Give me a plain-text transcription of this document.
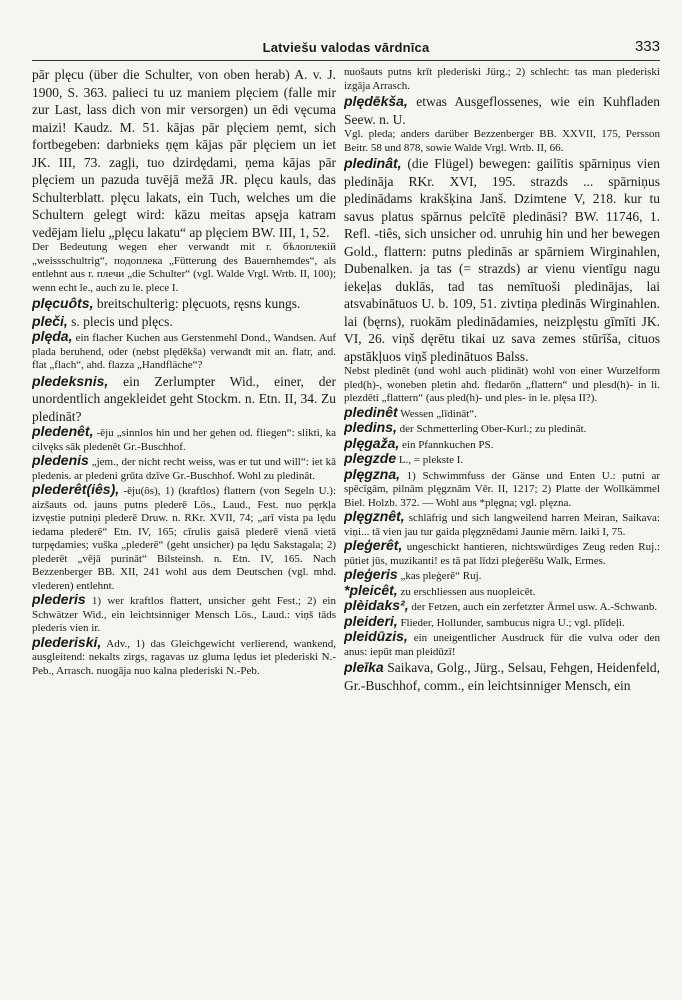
Latviešu valodas vārdnīca	333

pār plęcu (über die Schulter, von oben herab) A. v. J. 1900, S. 363. palieci tu uz maniem plęciem (falle mir zur Last, lass dich von mir versorgen) un ēdi vęcuma maizi! Kaudz. M. 51. kājas pār plęciem ņemt, sich fortbegeben: darbnieks ņęm kājas pār plęciem un iet JK. III, 73. zagļi, tuo dzirdędami, ņema kājas pār plęciem un pazuda tuvējā mežā JR. plęcu kauls, das Schulterblatt. plęcu lakats, ein Tuch, welches um die Schultern gelegt wird: kāzu meitas apsęja katram vedējam lielu „plęcu lakatu“ ap plęciem BW. III, 1, 52.

Der Bedeutung wegen eher verwandt mit r. бѣлоплекій „weissschultrig“, подоплека „Fütterung des Bauernhemdes“, als entlehnt aus r. плечи „die Schulter“ (vgl. Walde Vrgl. Wrtb. II, 100); wenn echt le., auch zu le. plece I.

plęcuôts, breitschulterig: plęcuots, ręsns kungs.

pleči, s. plecis und plęcs.

plęda, ein flacher Kuchen aus Gerstenmehl Dond., Wandsen. Auf plada beruhend, oder (nebst plędēkša) verwandt mit an. flatr, and. flat „flach“, ahd. flazza „Handfläche“?

pledeksnis, ein Zerlumpter Wid., einer, der unordentlich angekleidet geht Stockm. n. Etn. II, 34. Zu pledināt?

pledenêt, -ēju „sinnlos hin und her gehen od. fliegen“: slikti, ka cilvęks sāk pledenēt Gr.-Buschhof.

pledenis „jem., der nicht recht weiss, was er tut und will“: iet kā pledenis. ar pledeni grūta dzīve Gr.-Buschhof. Wohl zu pledināt.

plederêt(iês), -ēju(ôs), 1) (kraftlos) flattern (von Segeln U.): aizšauts od. jauns putns plederē Lös., Laud., Fest. nuo pęrkļa izvęstie putniņi plederē Druw. n. RKr. XVII, 74; „arī vista pa lędu iedama plederē“ Etn. IV, 165; cīrulis gaisā plederē vienā vietā turpędamies; vuška „plederē“ (geht unsicher) pa lędu Sakstagala; 2) plederēt „vējā purināt“ Bilsteinsh. n. Etn. IV, 165. Nach Bezzenberger BB. XII, 241 wohl aus dem Deutschen (vgl. mhd. vlederen) entlehnt.

plederis 1) wer kraftlos flattert, unsicher geht Fest.; 2) ein Schwätzer Wid., ein leichtsinniger Mensch Lös., Laud.: viņš tāds plederis vien ir.

plederiski, Adv., 1) das Gleichgewicht verlierend, wankend, ausgleitend: nekalts zirgs, ragavas uz gluma lędus iet plederiski N.-Peb., Arrasch. nuogāja nuo kalna plederiski N.-Peb.

nuošauts putns krīt plederiski Jürg.; 2) schlecht: tas man plederiski izgāja Arrasch.

plędēkša, etwas Ausgeflossenes, wie ein Kuhfladen Seew. n. U.

Vgl. pleda; anders darüber Bezzenberger BB. XXVII, 175, Persson Beitr. 58 und 878, sowie Walde Vrgl. Wrtb. II, 66.

pledinât, (die Flügel) bewegen: gailītis spārniņus vien pledināja RKr. XVI, 195. strazds ... spārniņus pledinādams krakšķina Janš. Dzimtene V, 218. kur tu savus platus spārnus pelcītē pledināsi? BW. 11746, 1. Refl. -tiês, sich unsicher od. unruhig hin und her bewegen Gold., flattern: putns pledinās ar spārniem Wirginahlen, Dubenalken. ja tas (= strazds) ar vienu vientīgu nagu iekeļas duklās, tad tas nemītuoši pledinājas, lai atsvabinātuos U. b. 109, 51. zivtiņa pledinās Wirginahlen. lai (bęrns), ruokām pledinādamies, neizplęstu gīmīti JK. VI, 26. viņš dęrētu tikai uz sava zemes stūrīša, cituos apstākļuos viņš pledinātuos Balss.

Nebst pledinêt (und wohl auch plidināt) wohl von einer Wurzelform pled(h)-, woneben pletin ahd. fledarōn „flattern“ und plesd(h)- in li. plezdēti „flattern“ (aus pled(h)- und ples- in le. plęsa II?).

pledinêt Wessen „līdināt“.

pledins, der Schmetterling Ober-Kurl.; zu pledināt.

plęgaža, ein Pfannkuchen PS.

plegzde L., = plekste I.

plęgzna, 1) Schwimmfuss der Gänse und Enten U.: putni ar spēcīgām, pilnām plęgznām Vēr. II, 1217; 2) Platte der Wollkämmel Biel. Holzb. 372. — Wohl aus *plęgna; vgl. plęzna.

plęgznêt, schläfrig und sich langweilend harren Meiran, Saikava: viņi... tā vien jau tur gaida plęgznēdami Jaunie mērn. laiki I, 75.

pleģerêt, ungeschickt hantieren, nichtswürdiges Zeug reden Ruj.: pūtiet jūs, muzikanti! es tā pat līdzi pleģerēšu Walk, Ermes.

pleģeris „kas pleģerē“ Ruj.

*pleicêt, zu erschliessen aus nuopleicēt.

plèidaks², der Fetzen, auch ein zerfetzter Ärmel usw. A.-Schwanb.

pleideri, Flieder, Hollunder, sambucus nigra U.; vgl. plīdeļi.

pleidūzis, ein uneigentlicher Ausdruck für die vulva oder den anus: iepūt man pleidūzī!

pleīka Saikava, Golg., Jürg., Selsau, Fehgen, Heidenfeld, Gr.-Buschhof, comm., ein leichtsinniger Mensch, ein
